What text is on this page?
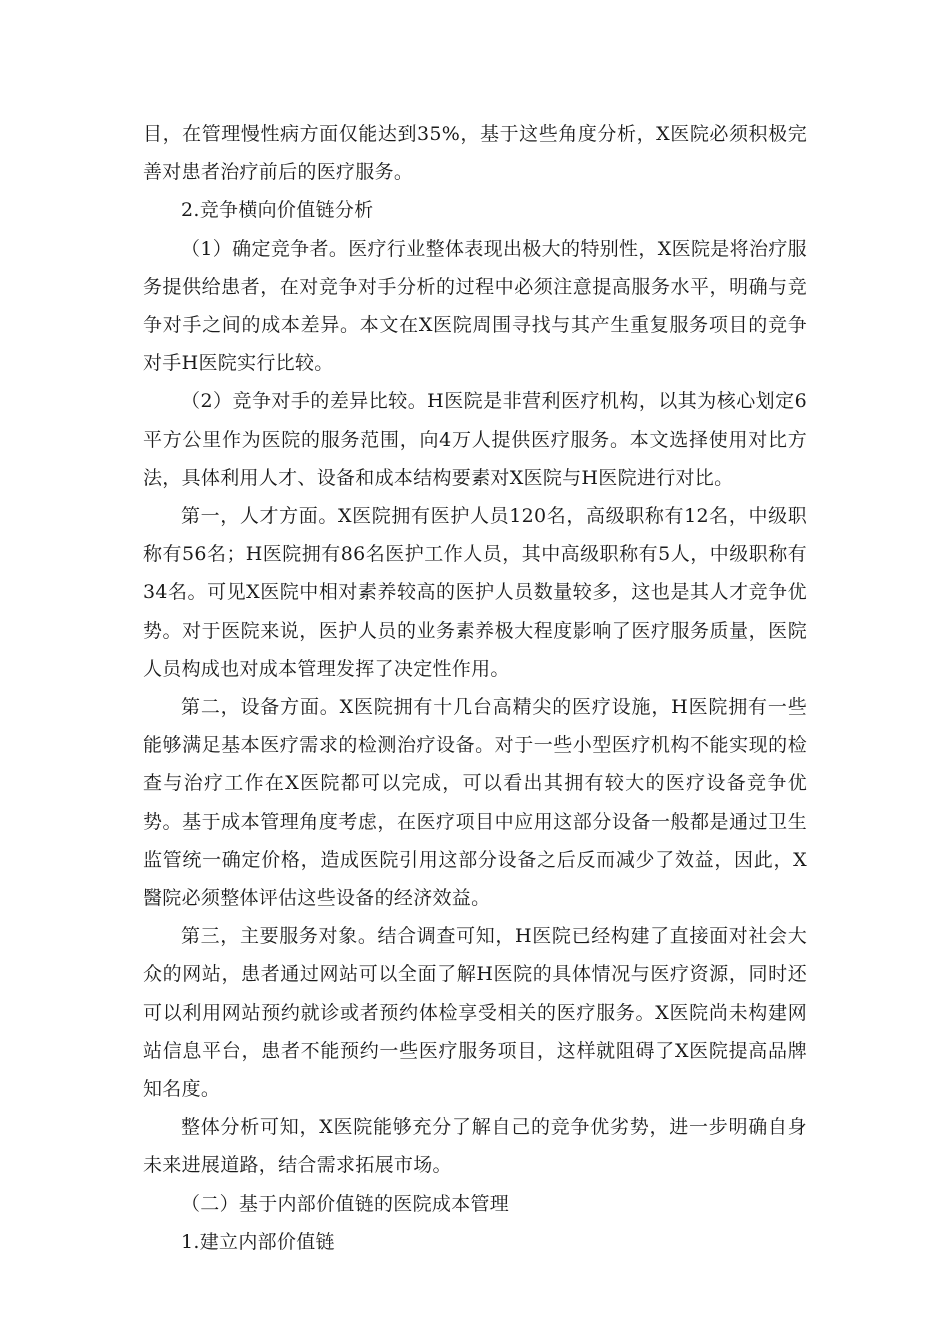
目，在管理慢性病方面仅能达到35%，基于这些角度分析，X医院必须积极完善对患者治疗前后的医疗服务。

2.竞争横向价值链分析

（1）确定竞争者。医疗行业整体表现出极大的特别性，X医院是将治疗服务提供给患者，在对竞争对手分析的过程中必须注意提高服务水平，明确与竞争对手之间的成本差异。本文在X医院周围寻找与其产生重复服务项目的竞争对手H医院实行比较。

（2）竞争对手的差异比较。H医院是非营利医疗机构，以其为核心划定6平方公里作为医院的服务范围，向4万人提供医疗服务。本文选择使用对比方法，具体利用人才、设备和成本结构要素对X医院与H医院进行对比。

第一，人才方面。X医院拥有医护人员120名，高级职称有12名，中级职称有56名；H医院拥有86名医护工作人员，其中高级职称有5人，中级职称有34名。可见X医院中相对素养较高的医护人员数量较多，这也是其人才竞争优势。对于医院来说，医护人员的业务素养极大程度影响了医疗服务质量，医院人员构成也对成本管理发挥了决定性作用。

第二，设备方面。X医院拥有十几台高精尖的医疗设施，H医院拥有一些能够满足基本医疗需求的检测治疗设备。对于一些小型医疗机构不能实现的检查与治疗工作在X医院都可以完成，可以看出其拥有较大的医疗设备竞争优势。基于成本管理角度考虑，在医疗项目中应用这部分设备一般都是通过卫生监管统一确定价格，造成医院引用这部分设备之后反而减少了效益，因此，X醫院必须整体评估这些设备的经济效益。

第三，主要服务对象。结合调查可知，H医院已经构建了直接面对社会大众的网站，患者通过网站可以全面了解H医院的具体情况与医疗资源，同时还可以利用网站预约就诊或者预约体检享受相关的医疗服务。X医院尚未构建网站信息平台，患者不能预约一些医疗服务项目，这样就阻碍了X医院提高品牌知名度。

整体分析可知，X医院能够充分了解自己的竞争优劣势，进一步明确自身未来进展道路，结合需求拓展市场。

（二）基于内部价值链的医院成本管理

1.建立内部价值链
